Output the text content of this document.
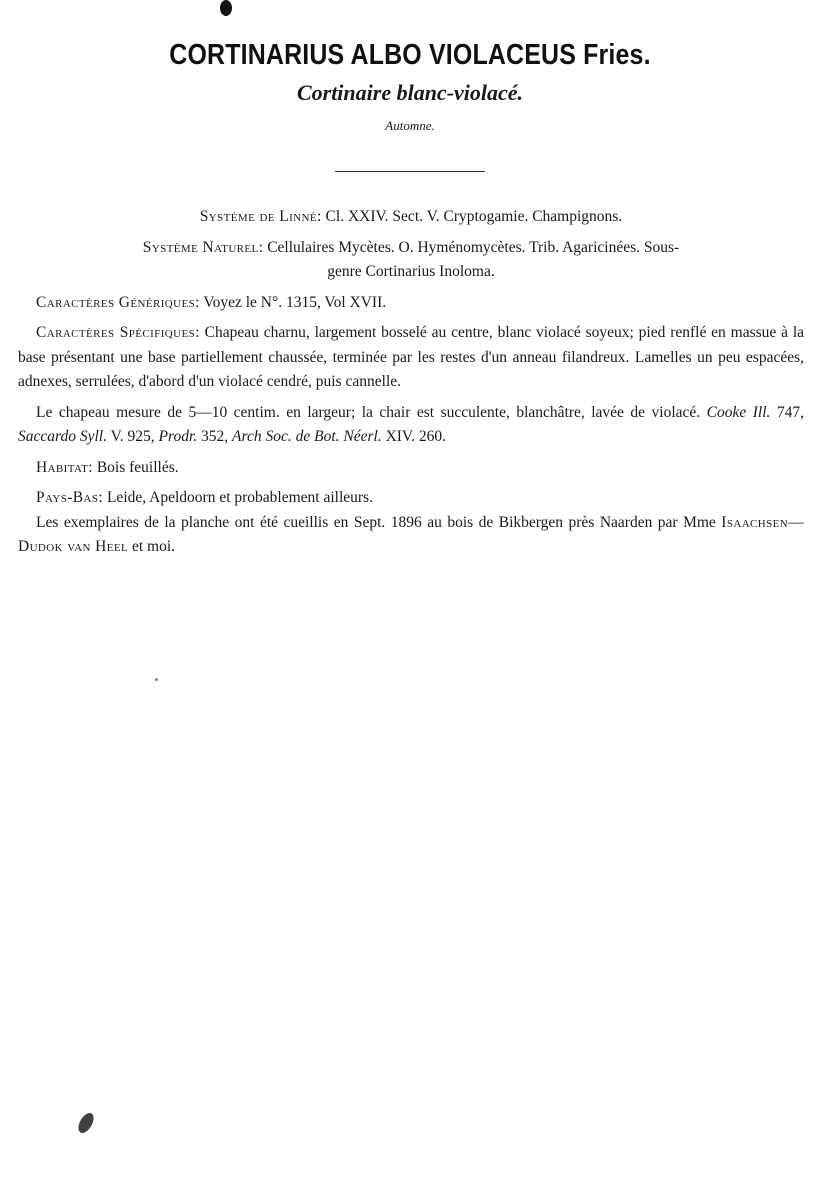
CORTINARIUS ALBO VIOLACEUS Fries.

Cortinaire blanc-violacé.

Automne.

Système de Linné: Cl. XXIV. Sect. V. Cryptogamie. Champignons.

Système Naturel: Cellulaires Mycètes. O. Hyménomycètes. Trib. Agaricinées. Sous-
genre Cortinarius Inoloma.

Caractères Génériques: Voyez le N°. 1315, Vol XVII.

Caractères Spécifiques: Chapeau charnu, largement bosselé au centre, blanc violacé soyeux; pied renflé en massue à la base présentant une base partiellement chaussée, terminée par les restes d'un anneau filandreux. Lamelles un peu espacées, adnexes, serrulées, d'abord d'un violacé cendré, puis cannelle.

Le chapeau mesure de 5—10 centim. en largeur; la chair est succulente, blanchâtre, lavée de violacé. Cooke Ill. 747, Saccardo Syll. V. 925, Prodr. 352, Arch Soc. de Bot. Néerl. XIV. 260.

Habitat: Bois feuillés.

Pays-Bas: Leide, Apeldoorn et probablement ailleurs.

Les exemplaires de la planche ont été cueillis en Sept. 1896 au bois de Bikbergen près Naarden par Mme Isaachsen—Dudok van Heel et moi.
